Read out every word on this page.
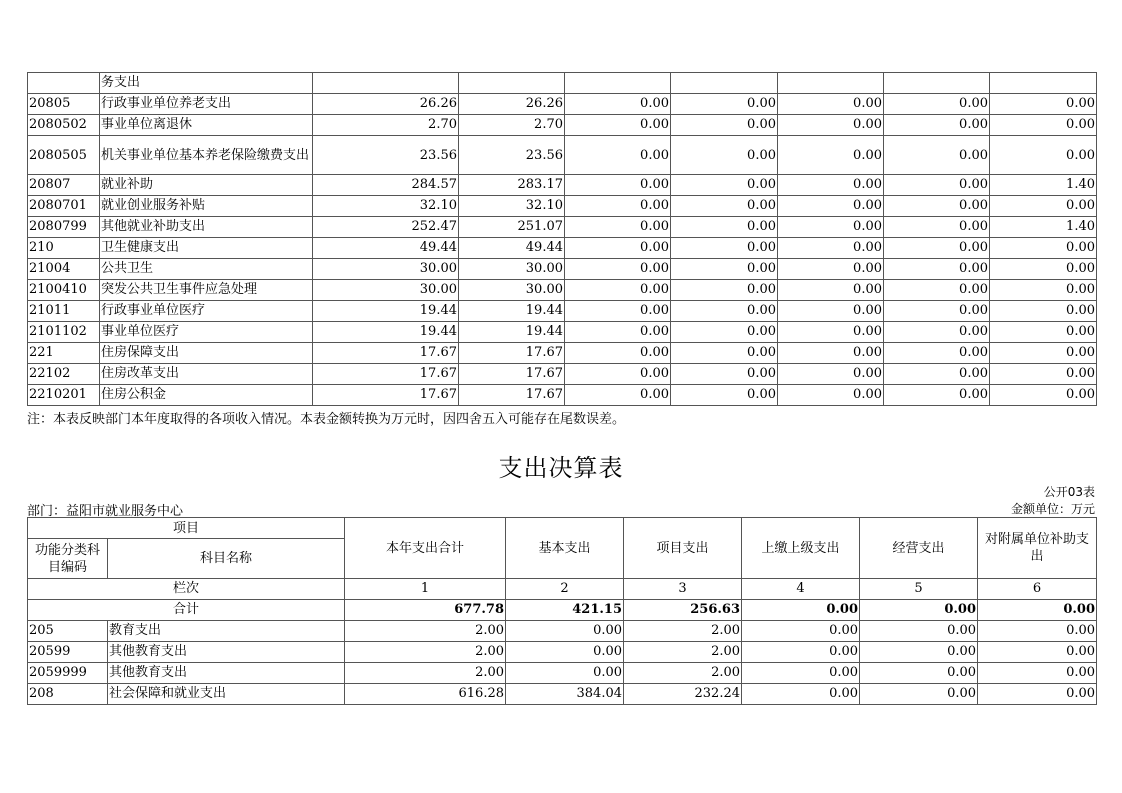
	务支出							
20805	行政事业单位养老支出	26.26	26.26	0.00	0.00	0.00	0.00	0.00
2080502	事业单位离退休	2.70	2.70	0.00	0.00	0.00	0.00	0.00
2080505	机关事业单位基本养老保险缴费支出	23.56	23.56	0.00	0.00	0.00	0.00	0.00
20807	就业补助	284.57	283.17	0.00	0.00	0.00	0.00	1.40
2080701	就业创业服务补贴	32.10	32.10	0.00	0.00	0.00	0.00	0.00
2080799	其他就业补助支出	252.47	251.07	0.00	0.00	0.00	0.00	1.40
210	卫生健康支出	49.44	49.44	0.00	0.00	0.00	0.00	0.00
21004	公共卫生	30.00	30.00	0.00	0.00	0.00	0.00	0.00
2100410	突发公共卫生事件应急处理	30.00	30.00	0.00	0.00	0.00	0.00	0.00
21011	行政事业单位医疗	19.44	19.44	0.00	0.00	0.00	0.00	0.00
2101102	事业单位医疗	19.44	19.44	0.00	0.00	0.00	0.00	0.00
221	住房保障支出	17.67	17.67	0.00	0.00	0.00	0.00	0.00
22102	住房改革支出	17.67	17.67	0.00	0.00	0.00	0.00	0.00
2210201	住房公积金	17.67	17.67	0.00	0.00	0.00	0.00	0.00
注：本表反映部门本年度取得的各项收入情况。本表金额转换为万元时，因四舍五入可能存在尾数误差。
支出决算表
公开03表
部门：益阳市就业服务中心	金额单位：万元
项目		本年支出合计	基本支出	项目支出	上缴上级支出	经营支出	对附属单位补助支出
功能分类科目编码	科目名称						
栏次		1	2	3	4	5	6
合计		677.78	421.15	256.63	0.00	0.00	0.00
205	教育支出	2.00	0.00	2.00	0.00	0.00	0.00
20599	其他教育支出	2.00	0.00	2.00	0.00	0.00	0.00
2059999	其他教育支出	2.00	0.00	2.00	0.00	0.00	0.00
208	社会保障和就业支出	616.28	384.04	232.24	0.00	0.00	0.00
